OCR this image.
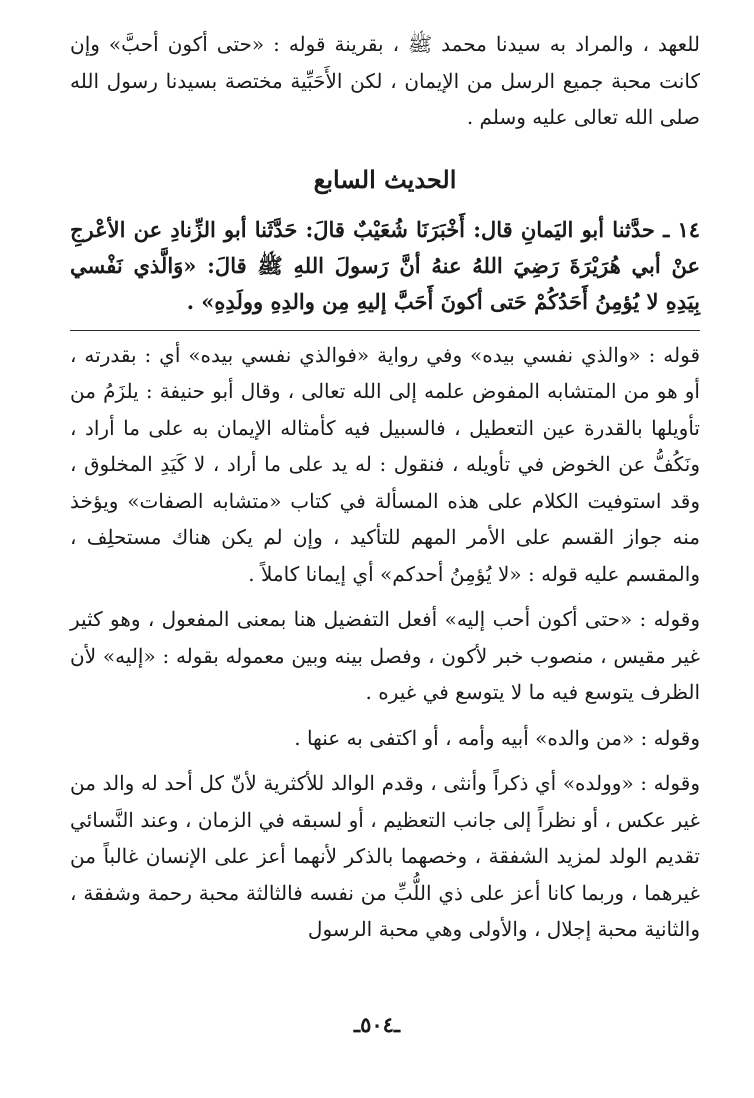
للعهد ، والمراد به سيدنا محمد ﷺ ، بقرينة قوله : «حتى أكون أحبَّ» وإن كانت محبة جميع الرسل من الإيمان ، لكن الأَحَبِّية مختصة بسيدنا رسول الله صلى الله تعالى عليه وسلم .

الحديث السابع

١٤ ـ حدَّثنا أبو اليَمانِ قال: أَخْبَرَنَا شُعَيْبٌ قالَ: حَدَّثَنا أبو الزِّنادِ عن الأعْرجِ عنْ أبي هُرَيْرَةَ رَضِيَ اللهُ عنهُ أنَّ رَسولَ اللهِ ﷺ قالَ: «وَالَّذي نَفْسي بِيَدِهِ لا يُؤمِنُ أَحَدُكُمْ حَتى أكونَ أَحَبَّ إليهِ مِن والدِهِ وولَدِهِ» .

قوله : «والذي نفسي بيده» وفي رواية «فوالذي نفسي بيده» أي : بقدرته ، أو هو من المتشابه المفوض علمه إلى الله تعالى ، وقال أبو حنيفة : يلزَمُ من تأويلها بالقدرة عين التعطيل ، فالسبيل فيه كأمثاله الإيمان به على ما أراد ، ونَكُفُّ عن الخوض في تأويله ، فنقول : له يد على ما أراد ، لا كَيَدِ المخلوق ، وقد استوفيت الكلام على هذه المسألة في كتاب «متشابه الصفات» ويؤخذ منه جواز القسم على الأمر المهم للتأكيد ، وإن لم يكن هناك مستحلِف ، والمقسم عليه قوله : «لا يُؤمِنُ أحدكم» أي إيمانا كاملاً .

وقوله : «حتى أكون أحب إليه» أفعل التفضيل هنا بمعنى المفعول ، وهو كثير غير مقيس ، منصوب خبر لأكون ، وفصل بينه وبين معموله بقوله : «إليه» لأن الظرف يتوسع فيه ما لا يتوسع في غيره .

وقوله : «من والده» أبيه وأمه ، أو اكتفى به عنها .

وقوله : «وولده» أي ذكراً وأنثى ، وقدم الوالد للأكثرية لأنّ كل أحد له والد من غير عكس ، أو نظراً إلى جانب التعظيم ، أو لسبقه في الزمان ، وعند النَّسائي تقديم الولد لمزيد الشفقة ، وخصهما بالذكر لأنهما أعز على الإنسان غالباً من غيرهما ، وربما كانا أعز على ذي اللُّبِّ من نفسه فالثالثة محبة رحمة وشفقة ، والثانية محبة إجلال ، والأولى وهي محبة الرسول

ـ٥٠٤ـ
